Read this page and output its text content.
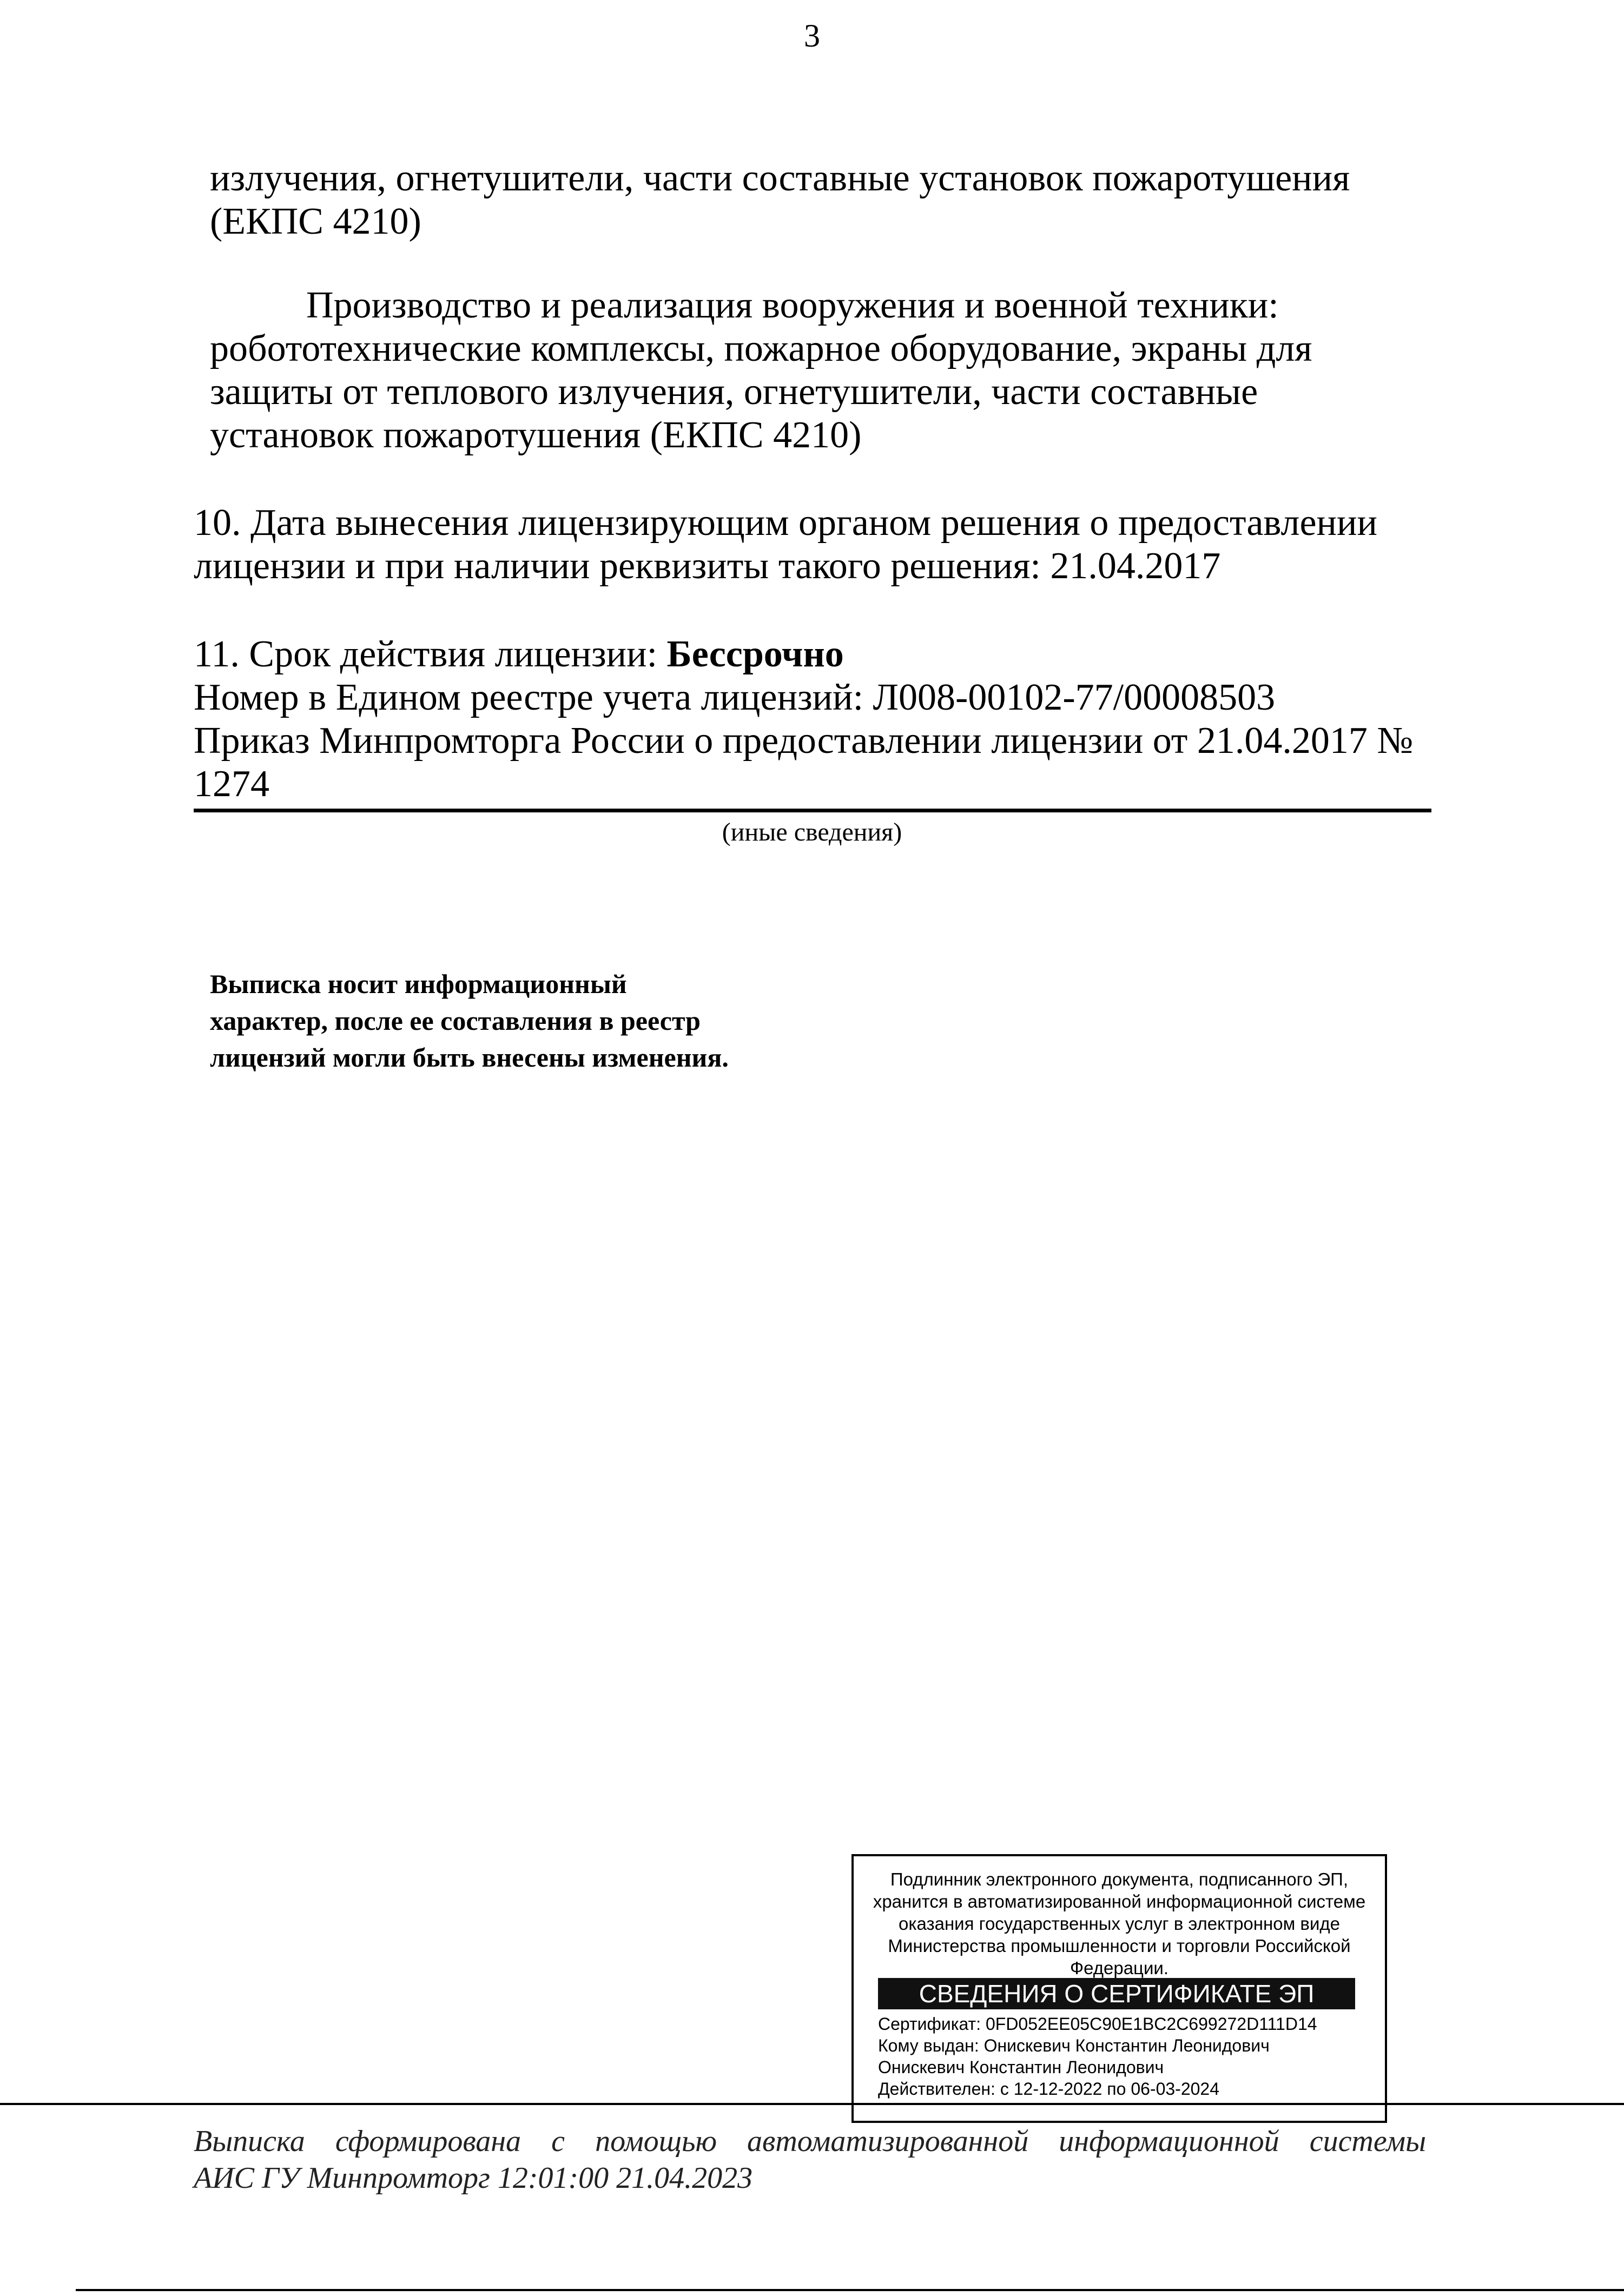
3
излучения, огнетушители, части составные установок пожаротушения
(ЕКПС 4210)
Производство и реализация вооружения и военной техники:
робототехнические комплексы, пожарное оборудование, экраны для
защиты от теплового излучения, огнетушители, части составные
установок пожаротушения (ЕКПС 4210)
10. Дата вынесения лицензирующим органом решения о предоставлении
лицензии и при наличии реквизиты такого решения: 21.04.2017
11. Срок действия лицензии: Бессрочно
Номер в Едином реестре учета лицензий: Л008-00102-77/00008503
Приказ Минпромторга России о предоставлении лицензии от 21.04.2017 №
1274
(иные сведения)
Выписка носит информационный
характер, после ее составления в реестр
лицензий могли быть внесены изменения.
Подлинник электронного документа, подписанного ЭП,
хранится в автоматизированной информационной системе
оказания государственных услуг в электронном виде
Министерства промышленности и торговли Российской
Федерации.
СВЕДЕНИЯ О СЕРТИФИКАТЕ ЭП
Сертификат: 0FD052EE05C90E1BC2C699272D111D14
Кому выдан: Онискевич Константин Леонидович
Онискевич Константин Леонидович
Действителен: с 12-12-2022 по 06-03-2024
Выписка сформирована с помощью автоматизированной информационной системы
АИС ГУ Минпромторг 12:01:00 21.04.2023
